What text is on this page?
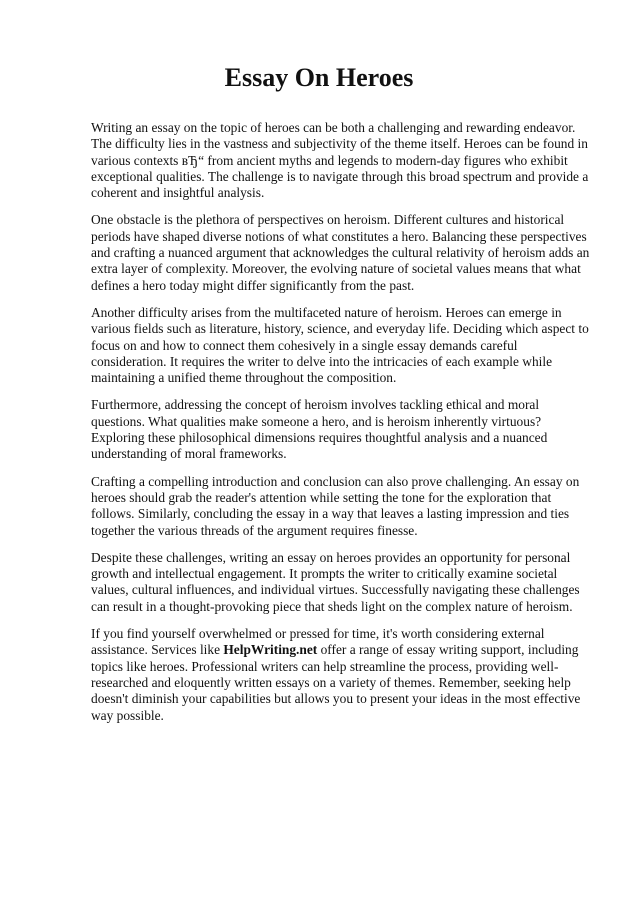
Essay On Heroes

Writing an essay on the topic of heroes can be both a challenging and rewarding endeavor. The difficulty lies in the vastness and subjectivity of the theme itself. Heroes can be found in various contexts вЂ“ from ancient myths and legends to modern-day figures who exhibit exceptional qualities. The challenge is to navigate through this broad spectrum and provide a coherent and insightful analysis.

One obstacle is the plethora of perspectives on heroism. Different cultures and historical periods have shaped diverse notions of what constitutes a hero. Balancing these perspectives and crafting a nuanced argument that acknowledges the cultural relativity of heroism adds an extra layer of complexity. Moreover, the evolving nature of societal values means that what defines a hero today might differ significantly from the past.

Another difficulty arises from the multifaceted nature of heroism. Heroes can emerge in various fields such as literature, history, science, and everyday life. Deciding which aspect to focus on and how to connect them cohesively in a single essay demands careful consideration. It requires the writer to delve into the intricacies of each example while maintaining a unified theme throughout the composition.

Furthermore, addressing the concept of heroism involves tackling ethical and moral questions. What qualities make someone a hero, and is heroism inherently virtuous? Exploring these philosophical dimensions requires thoughtful analysis and a nuanced understanding of moral frameworks.

Crafting a compelling introduction and conclusion can also prove challenging. An essay on heroes should grab the reader's attention while setting the tone for the exploration that follows. Similarly, concluding the essay in a way that leaves a lasting impression and ties together the various threads of the argument requires finesse.

Despite these challenges, writing an essay on heroes provides an opportunity for personal growth and intellectual engagement. It prompts the writer to critically examine societal values, cultural influences, and individual virtues. Successfully navigating these challenges can result in a thought-provoking piece that sheds light on the complex nature of heroism.

If you find yourself overwhelmed or pressed for time, it's worth considering external assistance. Services like HelpWriting.net offer a range of essay writing support, including topics like heroes. Professional writers can help streamline the process, providing well-researched and eloquently written essays on a variety of themes. Remember, seeking help doesn't diminish your capabilities but allows you to present your ideas in the most effective way possible.
